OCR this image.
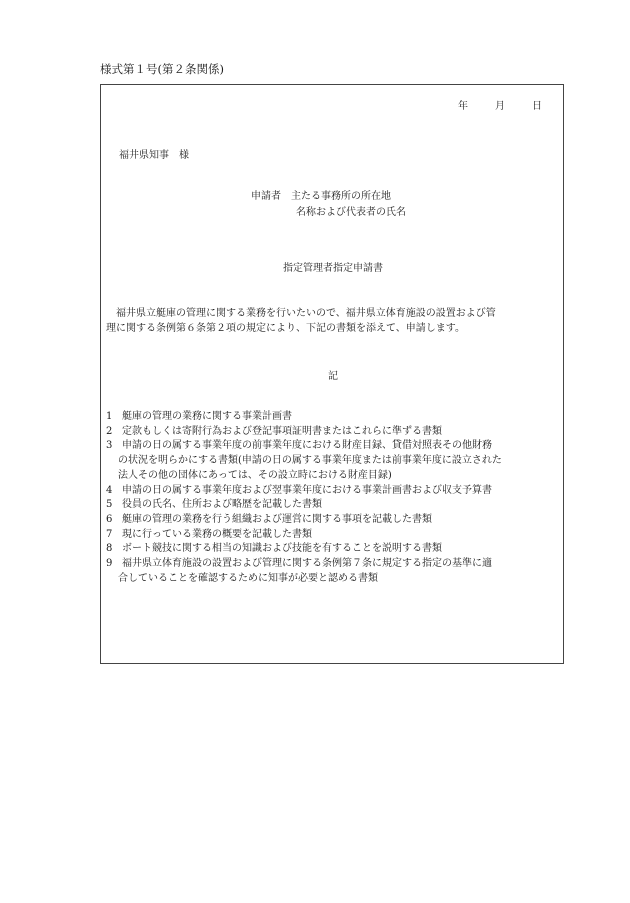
様式第１号(第２条関係)
年	月	日
福井県知事　様
申請者　主たる事務所の所在地
名称および代表者の氏名
指定管理者指定申請書
　福井県立艇庫の管理に関する業務を行いたいので、福井県立体育施設の設置および管
理に関する条例第６条第２項の規定により、下記の書類を添えて、申請します。
記
1 艇庫の管理の業務に関する事業計画書
2 定款もしくは寄附行為および登記事項証明書またはこれらに準ずる書類
3 申請の日の属する事業年度の前事業年度における財産目録、貸借対照表その他財務
の状況を明らかにする書類(申請の日の属する事業年度または前事業年度に設立された
法人その他の団体にあっては、その設立時における財産目録)
4 申請の日の属する事業年度および翌事業年度における事業計画書および収支予算書
5 役員の氏名、住所および略歴を記載した書類
6 艇庫の管理の業務を行う組織および運営に関する事項を記載した書類
7 現に行っている業務の概要を記載した書類
8 ボート競技に関する相当の知識および技能を有することを説明する書類
9 福井県立体育施設の設置および管理に関する条例第７条に規定する指定の基準に適
合していることを確認するために知事が必要と認める書類
